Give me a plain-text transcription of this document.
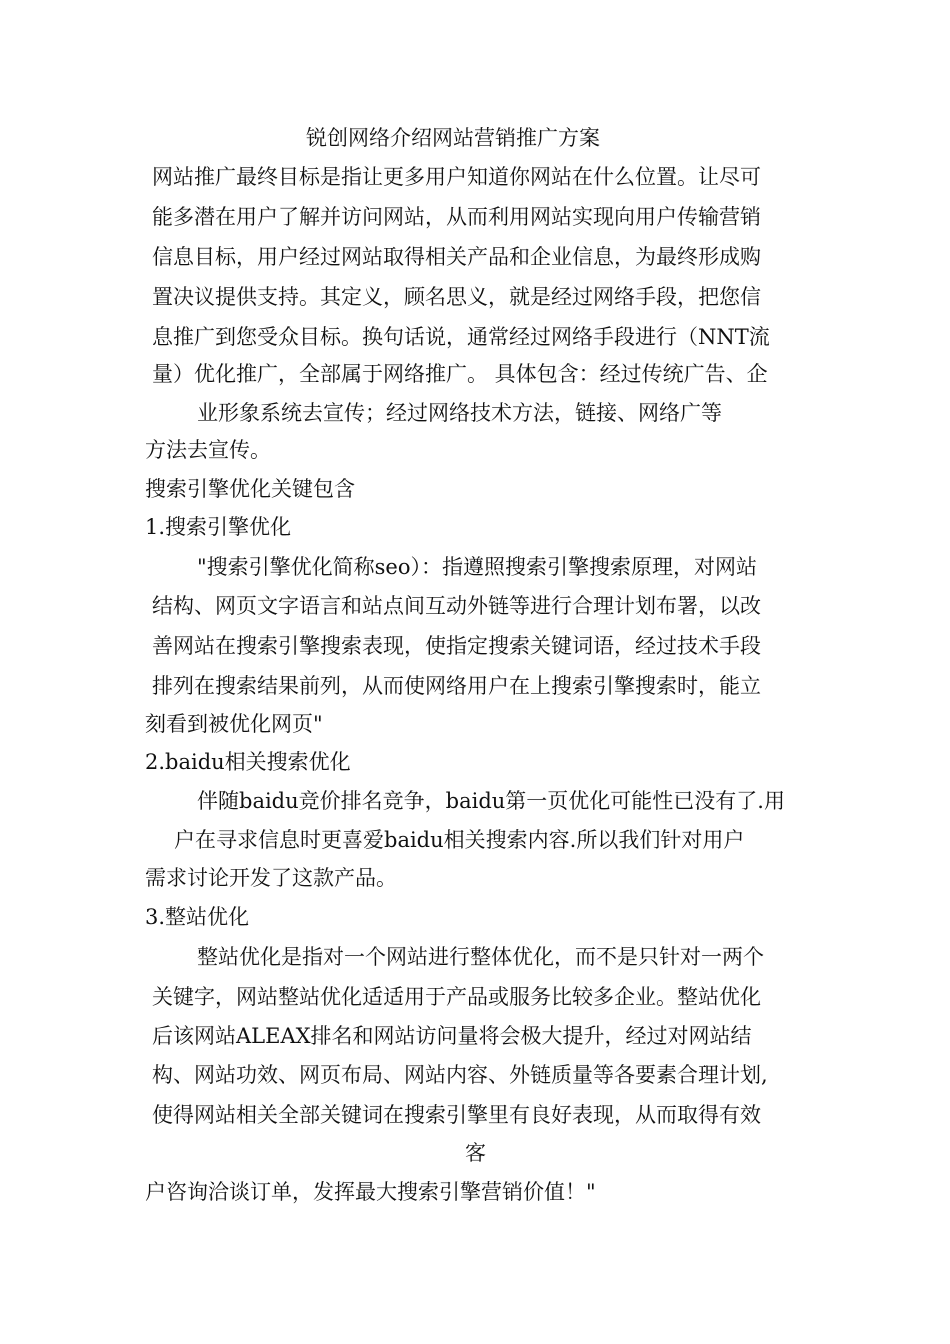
锐创网络介绍网站营销推广方案
网站推广最终目标是指让更多用户知道你网站在什么位置。让尽可
能多潜在用户了解并访问网站，从而利用网站实现向用户传输营销
信息目标，用户经过网站取得相关产品和企业信息，为最终形成购
置决议提供支持。其定义，顾名思义，就是经过网络手段，把您信
息推广到您受众目标。换句话说，通常经过网络手段进行（NNT流
量）优化推广，全部属于网络推广。 具体包含：经过传统广告、企
业形象系统去宣传；经过网络技术方法，链接、网络广等
方法去宣传。
搜索引擎优化关键包含
1.搜索引擎优化
"搜索引擎优化简称seo）：指遵照搜索引擎搜索原理，对网站
结构、网页文字语言和站点间互动外链等进行合理计划布署，以改
善网站在搜索引擎搜索表现，使指定搜索关键词语，经过技术手段
排列在搜索结果前列，从而使网络用户在上搜索引擎搜索时，能立
刻看到被优化网页"
2.baidu相关搜索优化
伴随baidu竞价排名竞争，baidu第一页优化可能性已没有了.用
户在寻求信息时更喜爱baidu相关搜索内容.所以我们针对用户
需求讨论开发了这款产品。
3.整站优化
整站优化是指对一个网站进行整体优化，而不是只针对一两个
关键字，网站整站优化适适用于产品或服务比较多企业。整站优化
后该网站ALEAX排名和网站访问量将会极大提升，经过对网站结
构、网站功效、网页布局、网站内容、外链质量等各要素合理计划,
使得网站相关全部关键词在搜索引擎里有良好表现，从而取得有效
客
户咨询洽谈订单，发挥最大搜索引擎营销价值！"
